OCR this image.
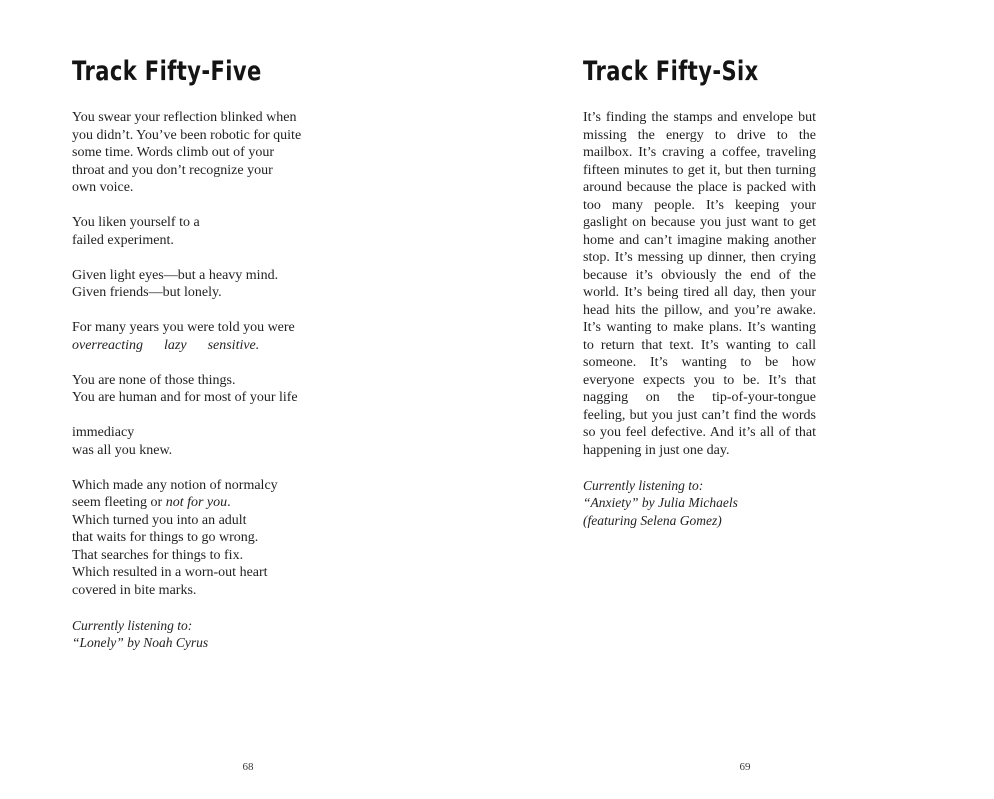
Track Fifty-Five
You swear your reflection blinked when
you didn’t. You’ve been robotic for quite
some time. Words climb out of your
throat and you don’t recognize your
own voice.
You liken yourself to a
failed experiment.
Given light eyes—but a heavy mind.
Given friends—but lonely.
For many years you were told you were
overreacting  lazy  sensitive.
You are none of those things.
You are human and for most of your life
immediacy
was all you knew.
Which made any notion of normalcy
seem fleeting or not for you.
Which turned you into an adult
that waits for things to go wrong.
That searches for things to fix.
Which resulted in a worn-out heart
covered in bite marks.
Currently listening to:
“Lonely” by Noah Cyrus
Track Fifty-Six
It’s finding the stamps and envelope but missing the energy to drive to the mailbox. It’s craving a coffee, traveling fifteen minutes to get it, but then turning around because the place is packed with too many people. It’s keeping your gaslight on because you just want to get home and can’t imagine making another stop. It’s messing up dinner, then crying because it’s obviously the end of the world. It’s being tired all day, then your head hits the pillow, and you’re awake. It’s wanting to make plans. It’s wanting to return that text. It’s wanting to call someone. It’s wanting to be how everyone expects you to be. It’s that nagging on the tip-of-your-tongue feeling, but you just can’t find the words so you feel defective. And it’s all of that happening in just one day.
Currently listening to:
“Anxiety” by Julia Michaels
(featuring Selena Gomez)
68	69
